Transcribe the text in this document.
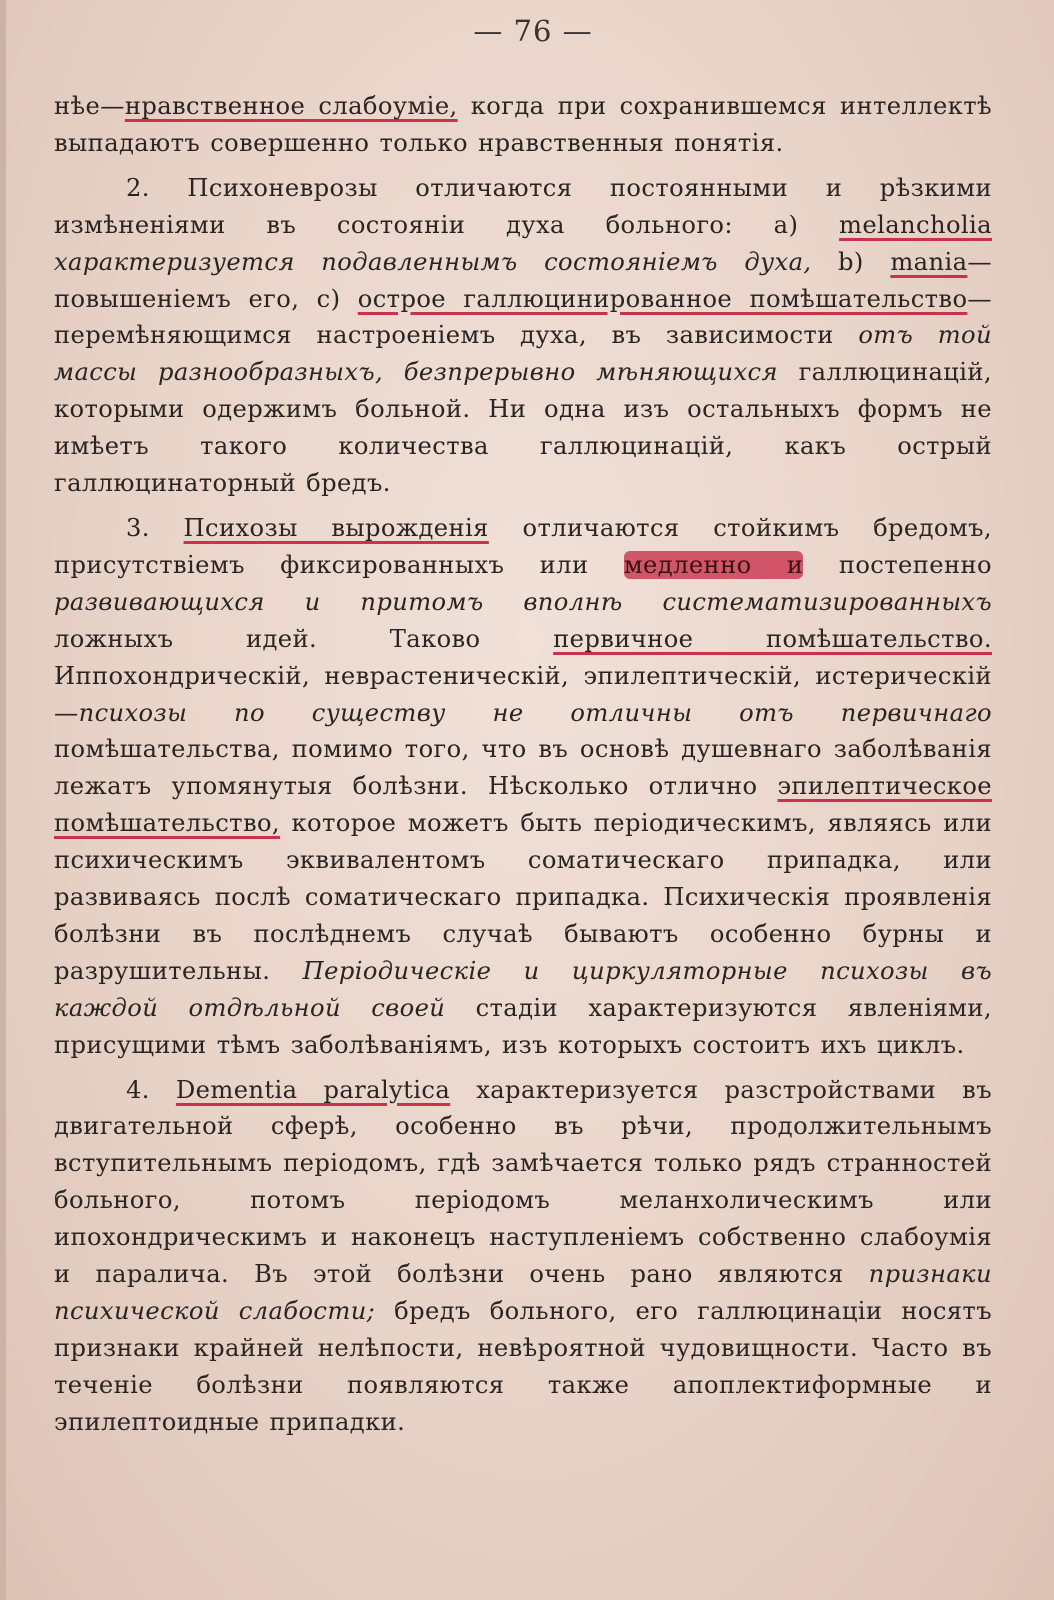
— 76 —

нѣе—нравственное слабоумiе, когда при сохранившемся интеллектѣ выпадаютъ совершенно только нравственныя понятiя.

2. Психоневрозы отличаются постоянными и рѣзкими измѣненiями въ состоянiи духа больного: a) melancholia характеризуется подавленнымъ состоянiемъ духа, b) mania—повышенiемъ его, c) острое галлюцинированное помѣшательство—перемѣняющимся настроенiемъ духа, въ зависимости отъ той массы разнообразныхъ, безпрерывно мѣняющихся галлюцинацiй, которыми одержимъ больной. Ни одна изъ остальныхъ формъ не имѣетъ такого количества галлюцинацiй, какъ острый галлюцинаторный бредъ.

3. Психозы вырожденiя отличаются стойкимъ бредомъ, присутствiемъ фиксированныхъ или медленно и постепенно развивающихся и притомъ вполнѣ систематизированныхъ ложныхъ идей. Таково первичное помѣшательство. Иппохондрическiй, неврастеническiй, эпилептическiй, истерическiй—психозы по существу не отличны отъ первичнаго помѣшательства, помимо того, что въ основѣ душевнаго заболѣванiя лежатъ упомянутыя болѣзни. Нѣсколько отлично эпилептическое помѣшательство, которое можетъ быть перiодическимъ, являясь или психическимъ эквивалентомъ соматическаго припадка, или развиваясь послѣ соматическаго припадка. Психическiя проявленiя болѣзни въ послѣднемъ случаѣ бываютъ особенно бурны и разрушительны. Перiодическiе и циркуляторные психозы въ каждой отдѣльной своей стадiи характеризуются явленiями, присущими тѣмъ заболѣванiямъ, изъ которыхъ состоитъ ихъ циклъ.

4. Dementia paralytica характеризуется разстройствами въ двигательной сферѣ, особенно въ рѣчи, продолжительнымъ вступительнымъ перiодомъ, гдѣ замѣчается только рядъ странностей больного, потомъ перiодомъ меланхолическимъ или ипохондрическимъ и наконецъ наступленiемъ собственно слабоумiя и паралича. Въ этой болѣзни очень рано являются признаки психической слабости; бредъ больного, его галлюцинацiи носятъ признаки крайней нелѣпости, невѣроятной чудовищности. Часто въ теченiе болѣзни появляются также апоплектиформные и эпилептоидные припадки.
